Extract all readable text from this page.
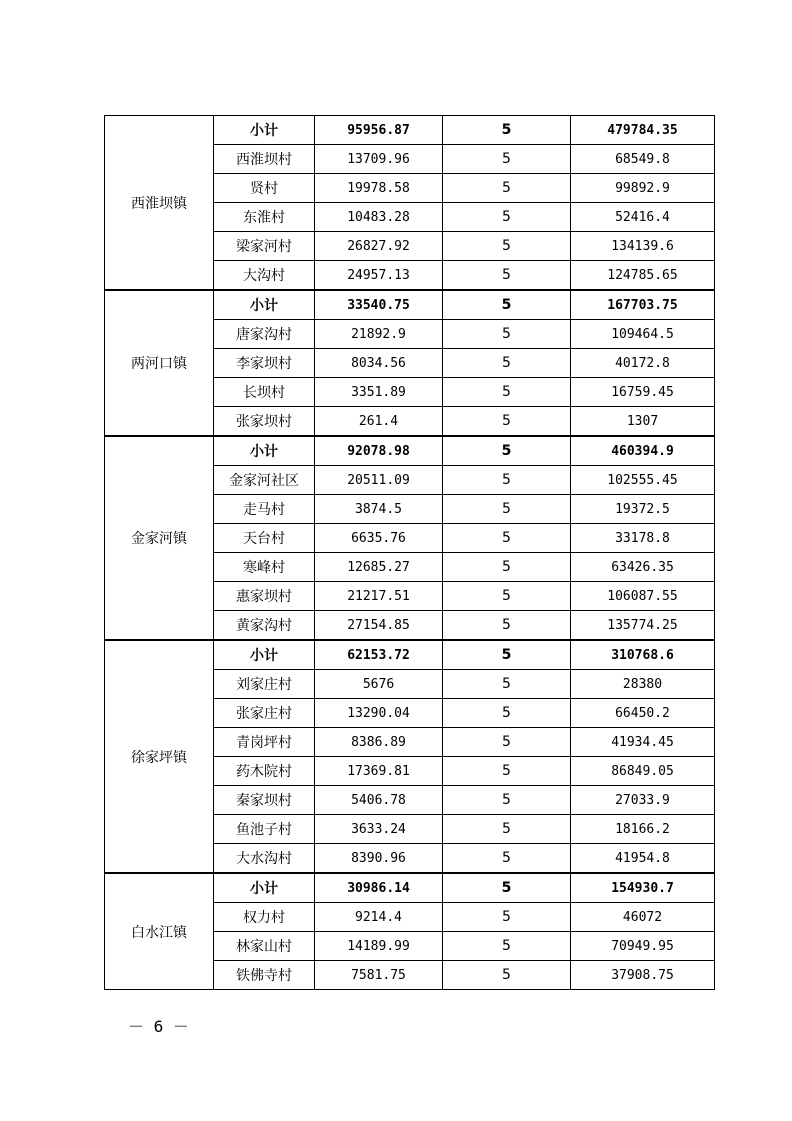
西淮坝镇	小计	95956.87	5	479784.35
	西淮坝村	13709.96	5	68549.8
	贤村	19978.58	5	99892.9
	东淮村	10483.28	5	52416.4
	梁家河村	26827.92	5	134139.6
	大沟村	24957.13	5	124785.65
两河口镇	小计	33540.75	5	167703.75
	唐家沟村	21892.9	5	109464.5
	李家坝村	8034.56	5	40172.8
	长坝村	3351.89	5	16759.45
	张家坝村	261.4	5	1307
金家河镇	小计	92078.98	5	460394.9
	金家河社区	20511.09	5	102555.45
	走马村	3874.5	5	19372.5
	天台村	6635.76	5	33178.8
	寒峰村	12685.27	5	63426.35
	惠家坝村	21217.51	5	106087.55
	黄家沟村	27154.85	5	135774.25
徐家坪镇	小计	62153.72	5	310768.6
	刘家庄村	5676	5	28380
	张家庄村	13290.04	5	66450.2
	青岗坪村	8386.89	5	41934.45
	药木院村	17369.81	5	86849.05
	秦家坝村	5406.78	5	27033.9
	鱼池子村	3633.24	5	18166.2
	大水沟村	8390.96	5	41954.8
白水江镇	小计	30986.14	5	154930.7
	权力村	9214.4	5	46072
	林家山村	14189.99	5	70949.95
	铁佛寺村	7581.75	5	37908.75
－ 6 －
